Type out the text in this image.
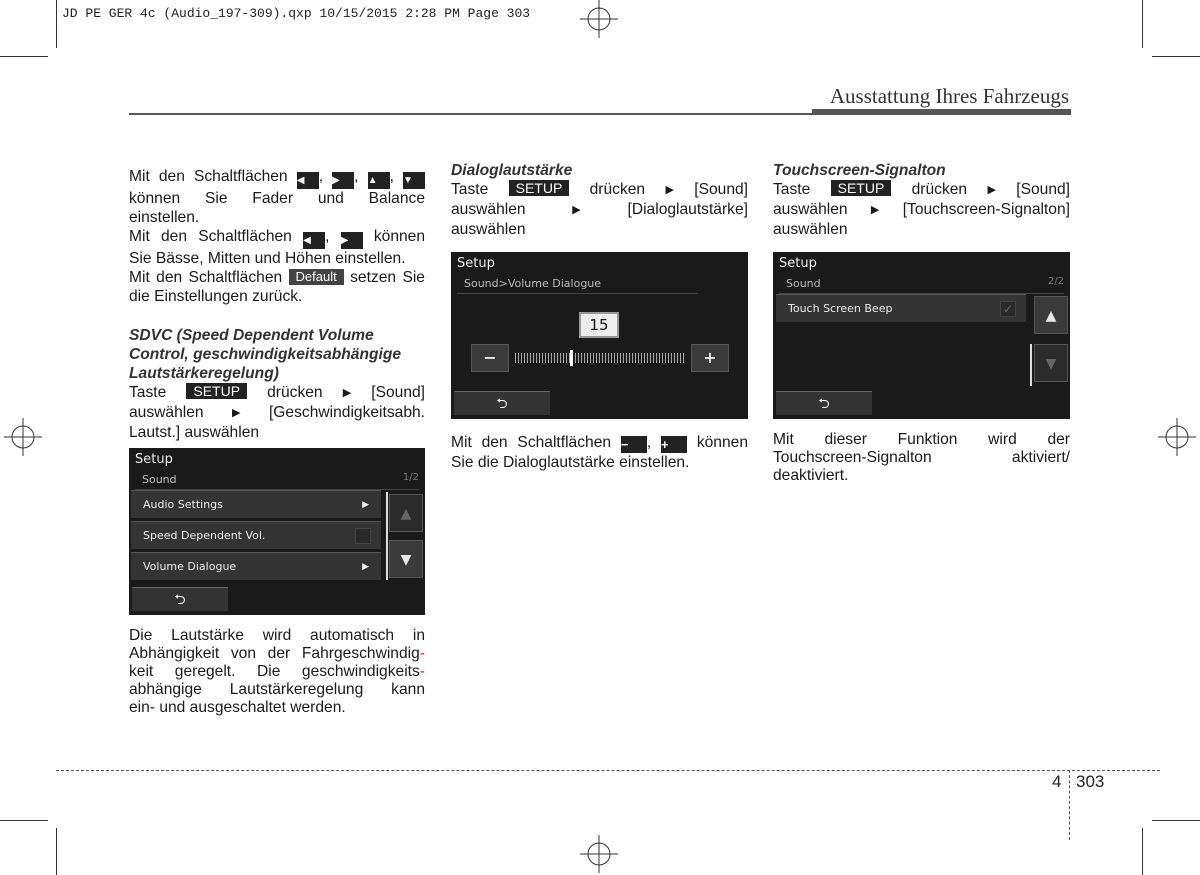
JD PE GER 4c (Audio_197-309).qxp 10/15/2015 2:28 PM Page 303
Ausstattung Ihres Fahrzeugs

Mit den Schaltflächen ◀ , ▶ , ▲ , ▼

können Sie Fader und Balance

einstellen.

Mit den Schaltflächen ◀ , ▶ können

Sie Bässe, Mitten und Höhen einstellen.

Mit den Schaltflächen Default setzen Sie

die Einstellungen zurück.

SDVC (Speed Dependent Volume

Control, geschwindigkeitsabhängige

Lautstärkeregelung)

Taste SETUP drücken ▶ [Sound]

auswählen	▶ [Geschwindigkeitsabh.

Lautst.] auswählen

Setup
Sound	1/2
Audio Settings	▶
Speed Dependent Vol.
Volume Dialogue	▶
▲
▼
⮌

Die Lautstärke wird automatisch in

Abhängigkeit von der Fahrgeschwindig-

keit geregelt. Die geschwindigkeits-

abhängige Lautstärkeregelung kann

ein- und ausgeschaltet werden.

Dialoglautstärke

Taste SETUP drücken ▶ [Sound]

auswählen	▶	[Dialoglautstärke]

auswählen

Setup
Sound>Volume Dialogue
15
−	+
⮌

Mit den Schaltflächen − , + können

Sie die Dialoglautstärke einstellen.

Touchscreen-Signalton

Taste SETUP drücken ▶ [Sound]

auswählen ▶ [Touchscreen-Signalton]

auswählen

Setup
Sound	2/2
Touch Screen Beep	✓	▲
▼
⮌

Mit dieser Funktion wird der

Touchscreen-Signalton aktiviert/

deaktiviert.

4 303
